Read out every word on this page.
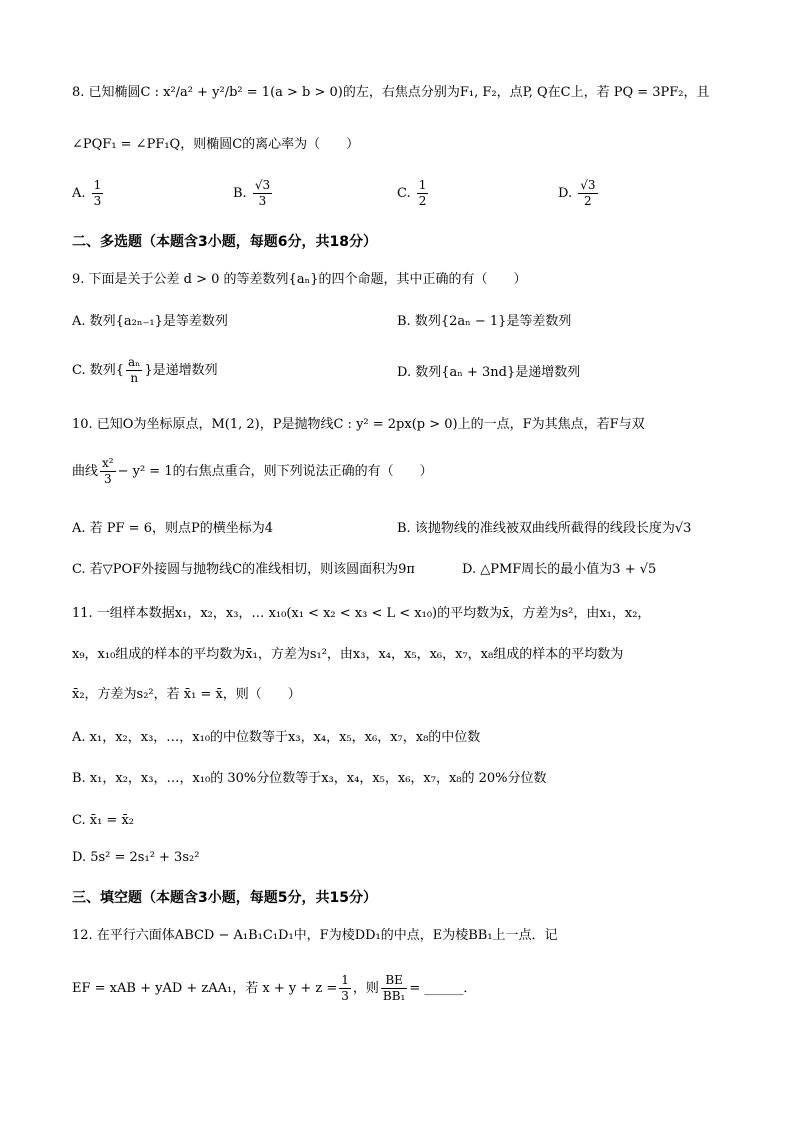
8. 已知椭圆C : x²/a² + y²/b² = 1(a > b > 0)的左，右焦点分别为F₁, F₂，点P, Q在C上，若 PQ = 3PF₂，且
∠PQF₁ = ∠PF₁Q，则椭圆C的离心率为（　　）
A. $\frac{1}{3}$	B. $\frac{√3}{3}$	C. $\frac{1}{2}$	D. $\frac{√3}{2}$
二、多选题（本题含3小题，每题6分，共18分）
9. 下面是关于公差 d > 0 的等差数列{aₙ}的四个命题，其中正确的有（　　）
A. 数列{a₂ₙ₋₁}是等差数列	B. 数列{2aₙ − 1}是等差数列
C. 数列{ $\frac{\text{aₙ}}{n}$ }是递增数列	D. 数列{aₙ + 3nd}是递增数列
10. 已知O为坐标原点，M(1, 2)，P是抛物线C : y² = 2px(p > 0)上的一点，F为其焦点，若F与双
曲线 $\frac{\text{x²}}{3} - y^2 = 1$的右焦点重合，则下列说法正确的有（　　）
A. 若 PF = 6，则点P的横坐标为4	B. 该抛物线的准线被双曲线所截得的线段长度为√3
C. 若▽POF外接圆与抛物线C的准线相切，则该圆面积为9π	D. △PMF周长的最小值为3 + √5
11. 一组样本数据x₁，x₂，x₃，… x₁₀(x₁ < x₂ < x₃ < L < x₁₀)的平均数为x̄，方差为s²，由x₁，x₂，
x₉，x₁₀组成的样本的平均数为x̄₁，方差为s₁²，由x₃，x₄，x₅，x₆，x₇，x₈组成的样本的平均数为
x̄₂，方差为s₂²，若 x̄₁ = x̄，则（　　）
A. x₁，x₂，x₃，…，x₁₀的中位数等于x₃，x₄，x₅，x₆，x₇，x₈的中位数
B. x₁，x₂，x₃，…，x₁₀的 30%分位数等于x₃，x₄，x₅，x₆，x₇，x₈的 20%分位数
C. x̄₁ = x̄₂
D. 5s² = 2s₁² + 3s₂²
三、填空题（本题含3小题，每题5分，共15分）
12. 在平行六面体ABCD − A₁B₁C₁D₁中，F为棱DD₁的中点，E为棱BB₁上一点．记
EF = xAB + yAD + zAA₁，若 $x + y + z = \frac{1}{3}$ ，则 $\frac{BE}{\text{BB₁}}$ = ______．
